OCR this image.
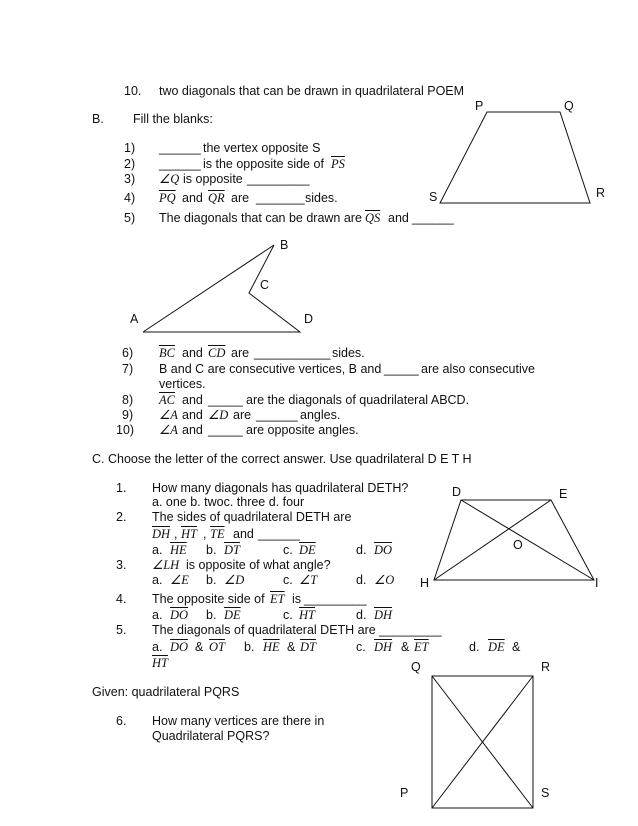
10. two diagonals that can be drawn in quadrilateral POEM
B. Fill the blanks:
1) ______ the vertex opposite S
2) ______ is the opposite side of $\overline{PS}$
3) ∠Q is opposite _________
4) $\overline{PQ}$ and $\overline{QR}$ are _______ sides.
5) The diagonals that can be drawn are $\overline{QS}$ and ______
6) $\overline{BC}$ and $\overline{CD}$ are ___________ sides.
7) B and C are consecutive vertices, B and _____ are also consecutive
vertices.
8) $\overline{AC}$ and _____ are the diagonals of quadrilateral ABCD.
9) ∠A and ∠D are ______ angles.
10) ∠A and _____ are opposite angles.
C. Choose the letter of the correct answer. Use quadrilateral D E T H
1. How many diagonals has quadrilateral DETH?
a. one b. twoc. three d. four
2. The sides of quadrilateral DETH are
$\overline{DH}$ , $\overline{HT}$ , $\overline{TE}$ and ______
a. $\overline{HE}$ b. $\overline{DT}$	c. $\overline{DE}$	d. $\overline{DO}$
3. ∠LH is opposite of what angle?
a. ∠E b. ∠D	c. ∠T	d. ∠O
4. The opposite side of $\overline{ET}$ is _________
a. $\overline{DO}$ b. $\overline{DE}$	c. $\overline{HT}$	d. $\overline{DH}$
5. The diagonals of quadrilateral DETH are _________
a. $\overline{DO}$ & $\overline{OT}$ b. $\overline{HE}$ & $\overline{DT}$	c. $\overline{DH}$ & $\overline{ET}$	d. $\overline{DE}$ &
$\overline{HT}$
Given: quadrilateral PQRS
6. How many vertices are there in
Quadrilateral PQRS?
P	Q
R
S
B
C
A	D
D	E
O
H	I
Q	R
P	S
